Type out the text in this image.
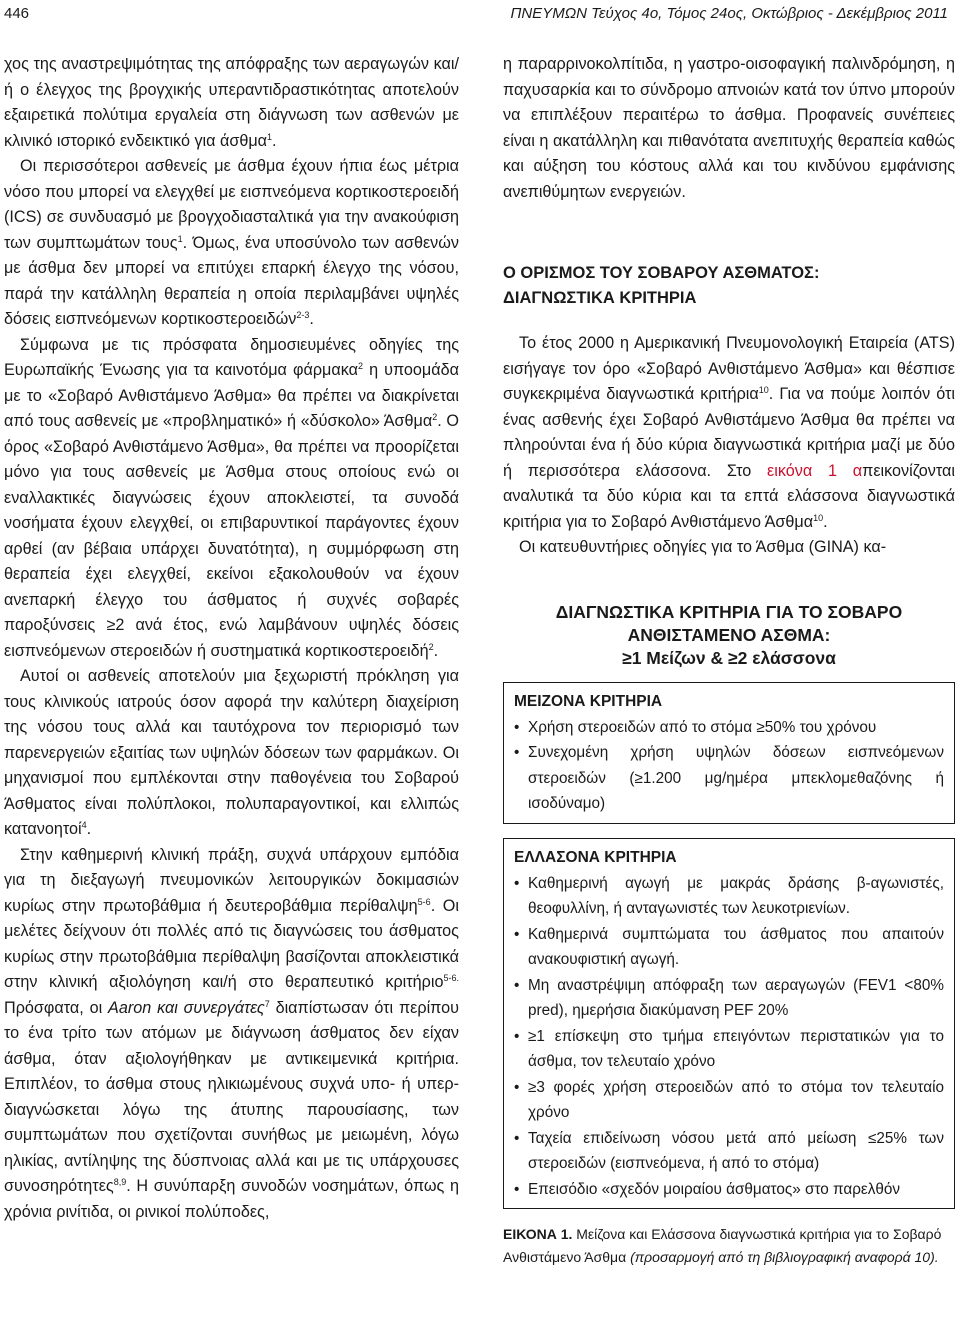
446	ΠΝΕΥΜΩΝ Τεύχος 4ο, Τόμος 24ος, Οκτώβριος - Δεκέμβριος 2011

χος της αναστρεψιμότητας της απόφραξης των αεραγωγών και/ή ο έλεγχος της βρογχικής υπεραντιδραστικότητας αποτελούν εξαιρετικά πολύτιμα εργαλεία στη διάγνωση των ασθενών με κλινικό ιστορικό ενδεικτικό για άσθμα$^1$.

Οι περισσότεροι ασθενείς με άσθμα έχουν ήπια έως μέτρια νόσο που μπορεί να ελεγχθεί με εισπνεόμενα κορτικοστεροειδή (ICS) σε συνδυασμό με βρογχοδιασταλτικά για την ανακούφιση των συμπτωμάτων τους$^1$. Όμως, ένα υποσύνολο των ασθενών με άσθμα δεν μπορεί να επιτύχει επαρκή έλεγχο της νόσου, παρά την κατάλληλη θεραπεία η οποία περιλαμβάνει υψηλές δόσεις εισπνεόμενων κορτικοστεροειδών$^{2-3}$.

Σύμφωνα με τις πρόσφατα δημοσιευμένες οδηγίες της Ευρωπαϊκής Ένωσης για τα καινοτόμα φάρμακα$^2$ η υποομάδα με το «Σοβαρό Ανθιστάμενο Άσθμα» θα πρέπει να διακρίνεται από τους ασθενείς με «προβληματικό» ή «δύσκολο» Άσθμα$^2$. Ο όρος «Σοβαρό Ανθιστάμενο Άσθμα», θα πρέπει να προορίζεται μόνο για τους ασθενείς με Άσθμα στους οποίους ενώ οι εναλλακτικές διαγνώσεις έχουν αποκλειστεί, τα συνοδά νοσήματα έχουν ελεγχθεί, οι επιβαρυντικοί παράγοντες έχουν αρθεί (αν βέβαια υπάρχει δυνατότητα), η συμμόρφωση στη θεραπεία έχει ελεγχθεί, εκείνοι εξακολουθούν να έχουν ανεπαρκή έλεγχο του άσθματος ή συχνές σοβαρές παροξύνσεις ≥2 ανά έτος, ενώ λαμβάνουν υψηλές δόσεις εισπνεόμενων στεροειδών ή συστηματικά κορτικοστεροειδή$^2$.

Αυτοί οι ασθενείς αποτελούν μια ξεχωριστή πρόκληση για τους κλινικούς ιατρούς όσον αφορά την καλύτερη διαχείριση της νόσου τους αλλά και ταυτόχρονα τον περιορισμό των παρενεργειών εξαιτίας των υψηλών δόσεων των φαρμάκων. Οι μηχανισμοί που εμπλέκονται στην παθογένεια του Σοβαρού Άσθματος είναι πολύπλοκοι, πολυπαραγοντικοί, και ελλιπώς κατανοητοί$^4$.

Στην καθημερινή κλινική πράξη, συχνά υπάρχουν εμπόδια για τη διεξαγωγή πνευμονικών λειτουργικών δοκιμασιών κυρίως στην πρωτοβάθμια ή δευτεροβάθμια περίθαλψη$^{5-6}$. Οι μελέτες δείχνουν ότι πολλές από τις διαγνώσεις του άσθματος κυρίως στην πρωτοβάθμια περίθαλψη βασίζονται αποκλειστικά στην κλινική αξιολόγηση και/ή στο θεραπευτικό κριτήριο$^{5-6.}$ Πρόσφατα, οι Aaron και συνεργάτες$^7$ διαπίστωσαν ότι περίπου το ένα τρίτο των ατόμων με διάγνωση άσθματος δεν είχαν άσθμα, όταν αξιολογήθηκαν με αντικειμενικά κριτήρια. Επιπλέον, το άσθμα στους ηλικιωμένους συχνά υπο- ή υπερ-διαγνώσκεται λόγω της άτυπης παρουσίασης, των συμπτωμάτων που σχετίζονται συνήθως με μειωμένη, λόγω ηλικίας, αντίληψης της δύσπνοιας αλλά και με τις υπάρχουσες συνοσηρότητες$^{8,9}$. Η συνύπαρξη συνοδών νοσημάτων, όπως η χρόνια ρινίτιδα, οι ρινικοί πολύποδες,

η παραρρινοκολπίτιδα, η γαστρο-οισοφαγική παλινδρόμηση, η παχυσαρκία και το σύνδρομο απνοιών κατά τον ύπνο μπορούν να επιπλέξουν περαιτέρω το άσθμα. Προφανείς συνέπειες είναι η ακατάλληλη και πιθανότατα ανεπιτυχής θεραπεία καθώς και αύξηση του κόστους αλλά και του κινδύνου εμφάνισης ανεπιθύμητων ενεργειών.

Ο ΟΡΙΣΜΟΣ ΤΟΥ ΣΟΒΑΡΟΥ ΑΣΘΜΑΤΟΣ:
ΔΙΑΓΝΩΣΤΙΚΑ ΚΡΙΤΗΡΙΑ

Το έτος 2000 η Αμερικανική Πνευμονολογική Εταιρεία (ATS) εισήγαγε τον όρο «Σοβαρό Ανθιστάμενο Άσθμα» και θέσπισε συγκεκριμένα διαγνωστικά κριτήρια$^{10}$. Για να πούμε λοιπόν ότι ένας ασθενής έχει Σοβαρό Ανθιστάμενο Άσθμα θα πρέπει να πληρούνται ένα ή δύο κύρια διαγνωστικά κριτήρια μαζί με δύο ή περισσότερα ελάσσονα. Στο εικόνα 1 απεικονίζονται αναλυτικά τα δύο κύρια και τα επτά ελάσσονα διαγνωστικά κριτήρια για το Σοβαρό Ανθιστάμενο Άσθμα$^{10}$.

Οι κατευθυντήριες οδηγίες για το Άσθμα (GINA) κα-

ΔΙΑΓΝΩΣΤΙΚΑ ΚΡΙΤΗΡΙΑ ΓΙΑ ΤΟ ΣΟΒΑΡΟ
ΑΝΘΙΣΤΑΜΕΝΟ ΑΣΘΜΑ:
≥1 Μείζων & ≥2 ελάσσονα
ΜΕΙΖΟΝΑ ΚΡΙΤΗΡΙΑ
• Χρήση στεροειδών από το στόμα ≥50% του χρόνου
• Συνεχομένη χρήση υψηλών δόσεων εισπνεόμενων στεροειδών (≥1.200 μg/ημέρα μπεκλομεθαζόνης ή ισοδύναμο)
ΕΛΛΑΣΟΝΑ ΚΡΙΤΗΡΙΑ
• Καθημερινή αγωγή με μακράς δράσης β-αγωνιστές, θεοφυλλίνη, ή ανταγωνιστές των λευκοτριενίων.
• Καθημερινά συμπτώματα του άσθματος που απαιτούν ανακουφιστική αγωγή.
• Μη αναστρέψιμη απόφραξη των αεραγωγών (FEV1 <80% pred), ημερήσια διακύμανση PEF 20%
• ≥1 επίσκεψη στο τμήμα επειγόντων περιστατικών για το άσθμα, τον τελευταίο χρόνο
• ≥3 φορές χρήση στεροειδών από το στόμα τον τελευταίο χρόνο
• Ταχεία επιδείνωση νόσου μετά από μείωση ≤25% των στεροειδών (εισπνεόμενα, ή από το στόμα)
• Επεισόδιο «σχεδόν μοιραίου άσθματος» στο παρελθόν
ΕΙΚΟΝΑ 1. Μείζονα και Ελάσσονα διαγνωστικά κριτήρια για το Σοβαρό Ανθιστάμενο Άσθμα (προσαρμογή από τη βιβλιογραφική αναφορά 10).
